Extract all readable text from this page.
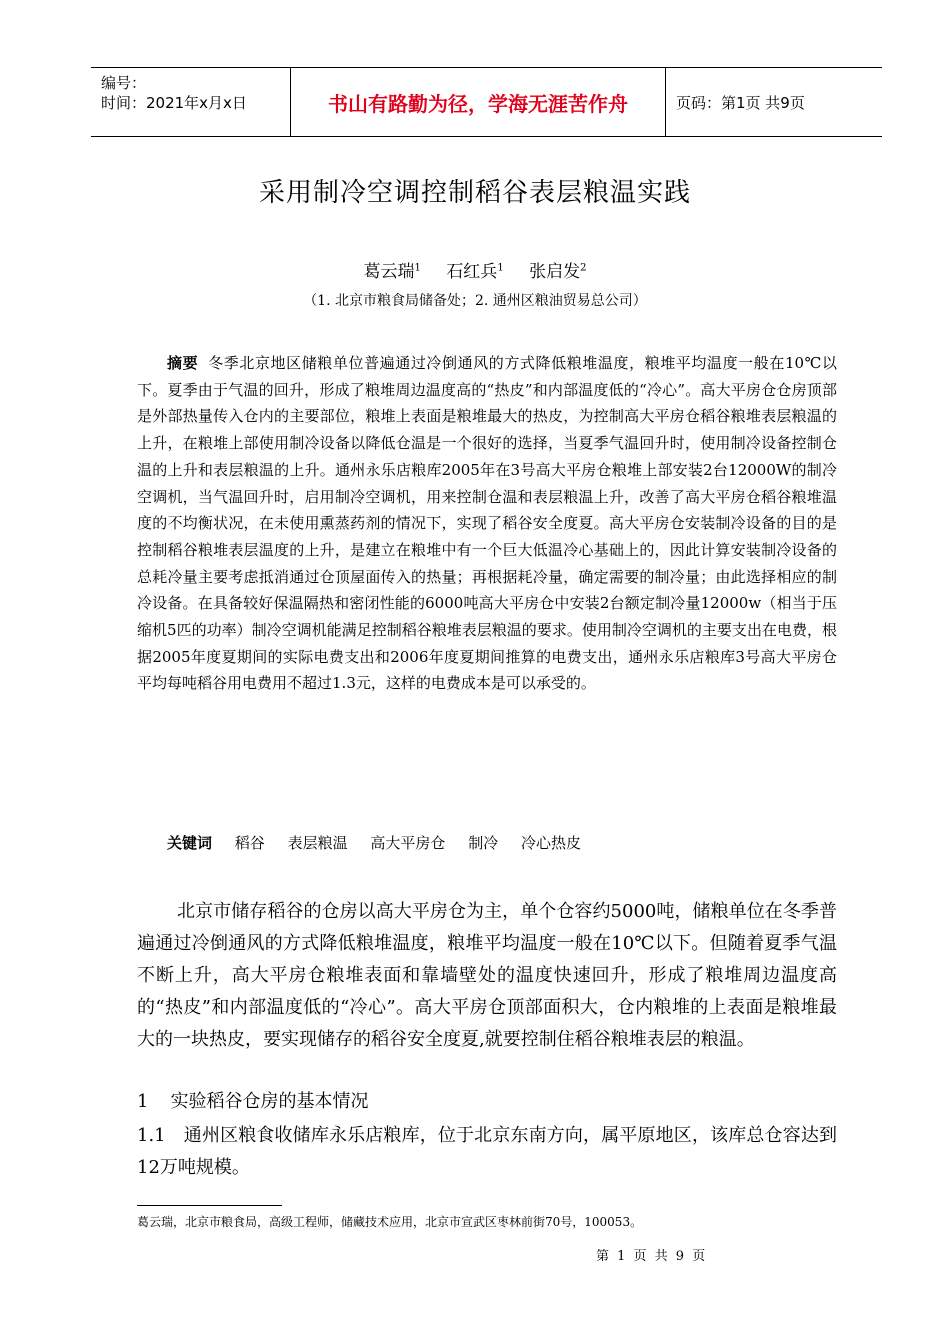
编号：
时间：2021年x月x日	书山有路勤为径，学海无涯苦作舟	页码：第1页 共9页
采用制冷空调控制稻谷表层粮温实践
葛云瑞$^1$ 石红兵$^1$ 张启发$^2$
（1. 北京市粮食局储备处；2. 通州区粮油贸易总公司）

摘要 冬季北京地区储粮单位普遍通过冷倒通风的方式降低粮堆温度，粮堆平均温度一般在10℃以下。夏季由于气温的回升，形成了粮堆周边温度高的“热皮”和内部温度低的“冷心”。高大平房仓仓房顶部是外部热量传入仓内的主要部位，粮堆上表面是粮堆最大的热皮，为控制高大平房仓稻谷粮堆表层粮温的上升，在粮堆上部使用制冷设备以降低仓温是一个很好的选择，当夏季气温回升时，使用制冷设备控制仓温的上升和表层粮温的上升。通州永乐店粮库2005年在3号高大平房仓粮堆上部安装2台12000W的制冷空调机，当气温回升时，启用制冷空调机，用来控制仓温和表层粮温上升，改善了高大平房仓稻谷粮堆温度的不均衡状况，在未使用熏蒸药剂的情况下，实现了稻谷安全度夏。高大平房仓安装制冷设备的目的是控制稻谷粮堆表层温度的上升，是建立在粮堆中有一个巨大低温冷心基础上的，因此计算安装制冷设备的总耗冷量主要考虑抵消通过仓顶屋面传入的热量；再根据耗冷量，确定需要的制冷量；由此选择相应的制冷设备。在具备较好保温隔热和密闭性能的6000吨高大平房仓中安装2台额定制冷量12000w（相当于压缩机5匹的功率）制冷空调机能满足控制稻谷粮堆表层粮温的要求。使用制冷空调机的主要支出在电费，根据2005年度夏期间的实际电费支出和2006年度夏期间推算的电费支出，通州永乐店粮库3号高大平房仓平均每吨稻谷用电费用不超过1.3元，这样的电费成本是可以承受的。

关键词 稻谷 表层粮温 高大平房仓 制冷 冷心热皮

北京市储存稻谷的仓房以高大平房仓为主，单个仓容约5000吨，储粮单位在冬季普遍通过冷倒通风的方式降低粮堆温度，粮堆平均温度一般在10℃以下。但随着夏季气温不断上升，高大平房仓粮堆表面和靠墙壁处的温度快速回升，形成了粮堆周边温度高的“热皮”和内部温度低的“冷心”。高大平房仓顶部面积大，仓内粮堆的上表面是粮堆最大的一块热皮，要实现储存的稻谷安全度夏,就要控制住稻谷粮堆表层的粮温。

1 实验稻谷仓房的基本情况

1.1 通州区粮食收储库永乐店粮库，位于北京东南方向，属平原地区，该库总仓容达到12万吨规模。

葛云瑞，北京市粮食局，高级工程师，储藏技术应用，北京市宣武区枣林前街70号，100053。
第 1 页 共 9 页
